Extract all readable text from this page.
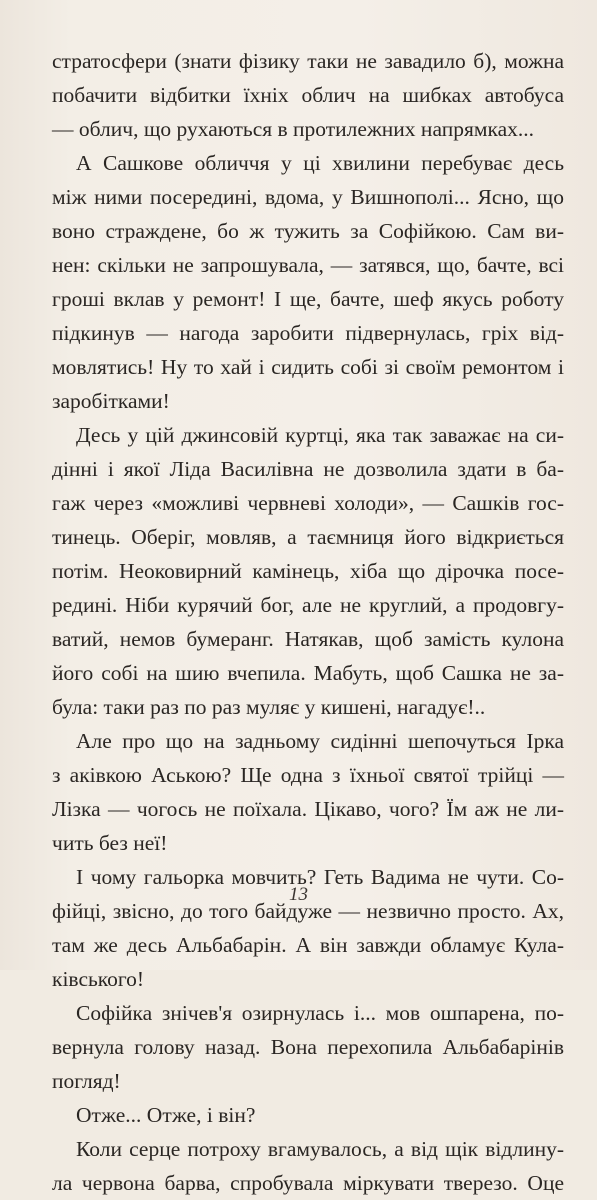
стратосфери (знати фізику таки не завадило б), можна
побачити відбитки їхніх облич на шибках автобуса
— облич, що рухаються в протилежних напрямках...
А Сашкове обличчя у ці хвилини перебуває десь
між ними посередині, вдома, у Вишнополі... Ясно, що
воно страждене, бо ж тужить за Софійкою. Сам ви-
нен: скільки не запрошувала, — затявся, що, бачте, всі
гроші вклав у ремонт! І ще, бачте, шеф якусь роботу
підкинув — нагода заробити підвернулась, гріх від-
мовлятись! Ну то хай і сидить собі зі своїм ремонтом і
заробітками!
Десь у цій джинсовій куртці, яка так заважає на си-
дінні і якої Ліда Василівна не дозволила здати в ба-
гаж через «можливі червневі холоди», — Сашків гос-
тинець. Оберіг, мовляв, а таємниця його відкриється
потім. Неоковирний камінець, хіба що дірочка посе-
редині. Ніби курячий бог, але не круглий, а продовгу-
ватий, немов бумеранг. Натякав, щоб замість кулона
його собі на шию вчепила. Мабуть, щоб Сашка не за-
була: таки раз по раз муляє у кишені, нагадує!..
Але про що на задньому сидінні шепочуться Ірка
з аківкою Аською? Ще одна з їхньої святої трійці —
Лізка — чогось не поїхала. Цікаво, чого? Їм аж не ли-
чить без неї!
І чому гальорка мовчить? Геть Вадима не чути. Со-
фійці, звісно, до того байдуже — незвично просто. Ах,
там же десь Альбабарін. А він завжди обламує Кула-
ківського!
Софійка знічев'я озирнулась і... мов ошпарена, по-
вернула голову назад. Вона перехопила Альбабарінів
погляд!
Отже... Отже, і він?
Коли серце потроху вгамувалось, а від щік відлину-
ла червона барва, спробувала міркувати тверезо. Оце
13
